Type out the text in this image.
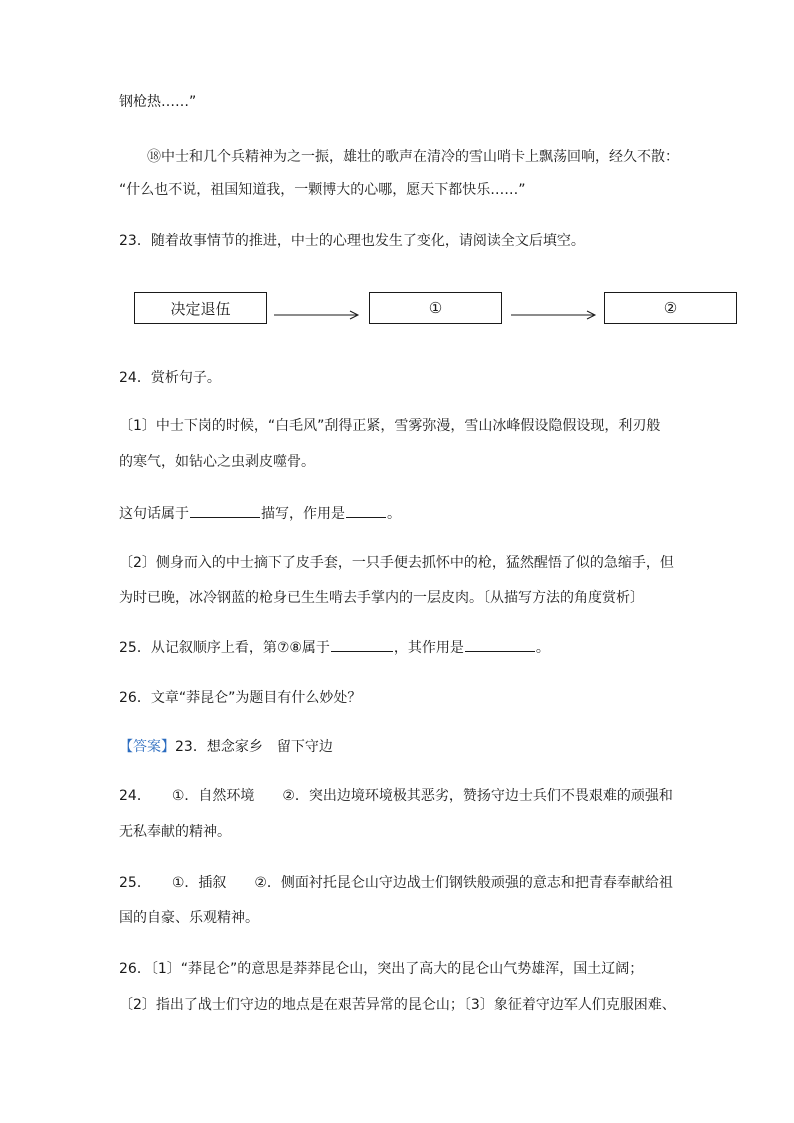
钢枪热……”
⑱中士和几个兵精神为之一振，雄壮的歌声在清冷的雪山哨卡上飘荡回响，经久不散：
“什么也不说，祖国知道我，一颗博大的心哪，愿天下都快乐……”
23．随着故事情节的推进，中士的心理也发生了变化，请阅读全文后填空。
决定退伍	①	②
24．赏析句子。
〔1〕中士下岗的时候，“白毛风”刮得正紧，雪雾弥漫，雪山冰峰假设隐假设现，利刃般
的寒气，如钻心之虫剥皮噬骨。
这句话属于	描写，作用是	。
〔2〕侧身而入的中士摘下了皮手套，一只手便去抓怀中的枪，猛然醒悟了似的急缩手，但
为时已晚，冰冷钢蓝的枪身已生生啃去手掌内的一层皮肉。〔从描写方法的角度赏析〕
25．从记叙顺序上看，第⑦⑧属于	，其作用是	。
26．文章“莽昆仑”为题目有什么妙处？
【答案】23．想念家乡　留下守边
24．　　①．自然环境　　②．突出边境环境极其恶劣，赞扬守边士兵们不畏艰难的顽强和
无私奉献的精神。
25．　　①．插叙　　②．侧面衬托昆仑山守边战士们钢铁般顽强的意志和把青春奉献给祖
国的自豪、乐观精神。
26．〔1〕“莽昆仑”的意思是莽莽昆仑山，突出了高大的昆仑山气势雄浑，国土辽阔；
〔2〕指出了战士们守边的地点是在艰苦异常的昆仑山；〔3〕象征着守边军人们克服困难、
